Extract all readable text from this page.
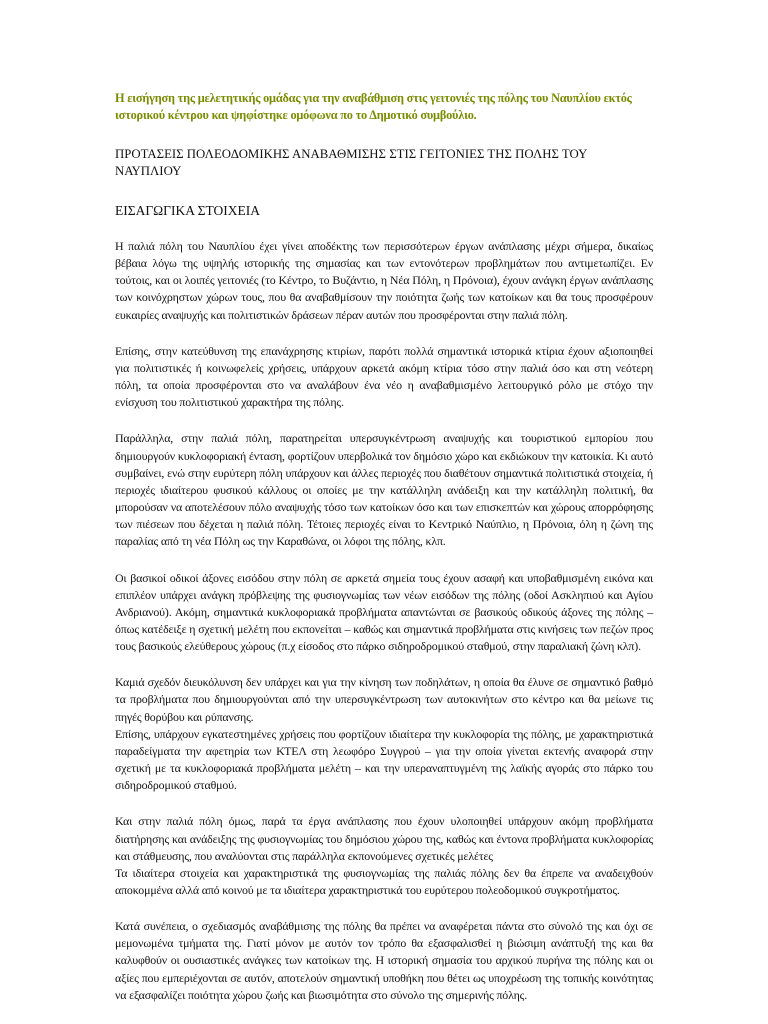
Η εισήγηση της μελετητικής ομάδας για την αναβάθμιση στις γειτονιές της πόλης του Ναυπλίου εκτός ιστορικού κέντρου και ψηφίστηκε ομόφωνα πο το Δημοτικό συμβούλιο.

ΠΡΟΤΑΣΕΙΣ ΠΟΛΕΟΔΟΜΙΚΗΣ ΑΝΑΒΑΘΜΙΣΗΣ ΣΤΙΣ ΓΕΙΤΟΝΙΕΣ ΤΗΣ ΠΟΛΗΣ ΤΟΥ ΝΑΥΠΛΙΟΥ
ΕΙΣΑΓΩΓΙΚΑ ΣΤΟΙΧΕΙΑ

Η παλιά πόλη του Ναυπλίου έχει γίνει αποδέκτης των περισσότερων έργων ανάπλασης μέχρι σήμερα, δικαίως βέβαια λόγω της υψηλής ιστορικής της σημασίας και των εντονότερων προβλημάτων που αντιμετωπίζει. Εν τούτοις, και οι λοιπές γειτονιές (το Κέντρο, το Βυζάντιο, η Νέα Πόλη, η Πρόνοια), έχουν ανάγκη έργων ανάπλασης των κοινόχρηστων χώρων τους, που θα αναβαθμίσουν την ποιότητα ζωής των κατοίκων και θα τους προσφέρουν ευκαιρίες αναψυχής και πολιτιστικών δράσεων πέραν αυτών που προσφέρονται στην παλιά πόλη.

Επίσης, στην κατεύθυνση της επανάχρησης κτιρίων, παρότι πολλά σημαντικά ιστορικά κτίρια έχουν αξιοποιηθεί για πολιτιστικές ή κοινωφελείς χρήσεις, υπάρχουν αρκετά ακόμη κτίρια τόσο στην παλιά όσο και στη νεότερη πόλη, τα οποία προσφέρονται στο να αναλάβουν ένα νέο η αναβαθμισμένο λειτουργικό ρόλο με στόχο την ενίσχυση του πολιτιστικού χαρακτήρα της πόλης.

Παράλληλα, στην παλιά πόλη, παρατηρείται υπερσυγκέντρωση αναψυχής και τουριστικού εμπορίου που δημιουργούν κυκλοφοριακή ένταση, φορτίζουν υπερβολικά τον δημόσιο χώρο και εκδιώκουν την κατοικία. Κι αυτό συμβαίνει, ενώ στην ευρύτερη πόλη υπάρχουν και άλλες περιοχές που διαθέτουν σημαντικά πολιτιστικά στοιχεία, ή περιοχές ιδιαίτερου φυσικού κάλλους οι οποίες με την κατάλληλη ανάδειξη και την κατάλληλη πολιτική, θα μπορούσαν να αποτελέσουν πόλο αναψυχής τόσο των κατοίκων όσο και των επισκεπτών και χώρους απορρόφησης των πιέσεων που δέχεται η παλιά πόλη. Τέτοιες περιοχές είναι το Κεντρικό Ναύπλιο, η Πρόνοια, όλη η ζώνη της παραλίας από τη νέα Πόλη ως την Καραθώνα, οι λόφοι της πόλης, κλπ.

Οι βασικοί οδικοί άξονες εισόδου στην πόλη σε αρκετά σημεία τους έχουν ασαφή και υποβαθμισμένη εικόνα και επιπλέον υπάρχει ανάγκη πρόβλεψης της φυσιογνωμίας των νέων εισόδων της πόλης (οδοί Ασκληπιού και Αγίου Ανδριανού). Ακόμη, σημαντικά κυκλοφοριακά προβλήματα απαντώνται σε βασικούς οδικούς άξονες της πόλης – όπως κατέδειξε η σχετική μελέτη που εκπονείται – καθώς και σημαντικά προβλήματα στις κινήσεις των πεζών προς τους βασικούς ελεύθερους χώρους (π.χ είσοδος στο πάρκο σιδηροδρομικού σταθμού, στην παραλιακή ζώνη κλπ).

Καμιά σχεδόν διευκόλυνση δεν υπάρχει και για την κίνηση των ποδηλάτων, η οποία θα έλυνε σε σημαντικό βαθμό τα προβλήματα που δημιουργούνται από την υπερσυγκέντρωση των αυτοκινήτων στο κέντρο και θα μείωνε τις πηγές θορύβου και ρύπανσης.

Επίσης, υπάρχουν εγκατεστημένες χρήσεις που φορτίζουν ιδιαίτερα την κυκλοφορία της πόλης, με χαρακτηριστικά παραδείγματα την αφετηρία των ΚΤΕΛ στη λεωφόρο Συγγρού – για την οποία γίνεται εκτενής αναφορά στην σχετική με τα κυκλοφοριακά προβλήματα μελέτη – και την υπεραναπτυγμένη της λαϊκής αγοράς στο πάρκο του σιδηροδρομικού σταθμού.

Και στην παλιά πόλη όμως, παρά τα έργα ανάπλασης που έχουν υλοποιηθεί υπάρχουν ακόμη προβλήματα διατήρησης και ανάδειξης της φυσιογνωμίας του δημόσιου χώρου της, καθώς και έντονα προβλήματα κυκλοφορίας και στάθμευσης, που αναλύονται στις παράλληλα εκπονούμενες σχετικές μελέτες

Τα ιδιαίτερα στοιχεία και χαρακτηριστικά της φυσιογνωμίας της παλιάς πόλης δεν θα έπρεπε να αναδειχθούν αποκομμένα αλλά από κοινού με τα ιδιαίτερα χαρακτηριστικά του ευρύτερου πολεοδομικού συγκροτήματος.

Κατά συνέπεια, ο σχεδιασμός αναβάθμισης της πόλης θα πρέπει να αναφέρεται πάντα στο σύνολό της και όχι σε μεμονωμένα τμήματα της. Γιατί μόνον με αυτόν τον τρόπο θα εξασφαλισθεί η βιώσιμη ανάπτυξή της και θα καλυφθούν οι ουσιαστικές ανάγκες των κατοίκων της. Η ιστορική σημασία του αρχικού πυρήνα της πόλης και οι αξίες που εμπεριέχονται σε αυτόν, αποτελούν σημαντική υποθήκη που θέτει ως υποχρέωση της τοπικής κοινότητας να εξασφαλίζει ποιότητα χώρου ζωής και βιωσιμότητα στο σύνολο της σημερινής πόλης.
